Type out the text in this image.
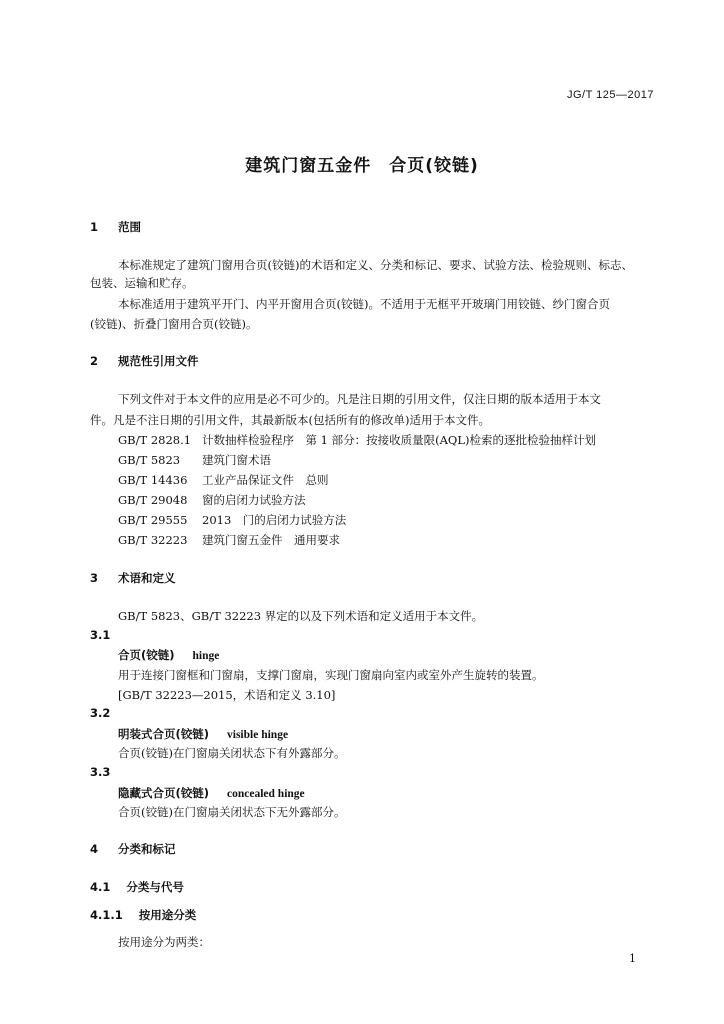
JG/T 125—2017
建筑门窗五金件　合页(铰链)
1 范围
本标准规定了建筑门窗用合页(铰链)的术语和定义、分类和标记、要求、试验方法、检验规则、标志、
包装、运输和贮存。
本标准适用于建筑平开门、内平开窗用合页(铰链)。不适用于无框平开玻璃门用铰链、纱门窗合页
(铰链)、折叠门窗用合页(铰链)。
2 规范性引用文件
下列文件对于本文件的应用是必不可少的。凡是注日期的引用文件，仅注日期的版本适用于本文
件。凡是不注日期的引用文件，其最新版本(包括所有的修改单)适用于本文件。
GB/T 2828.1 计数抽样检验程序　第 1 部分：按接收质量限(AQL)检索的逐批检验抽样计划
GB/T 5823 建筑门窗术语
GB/T 14436 工业产品保证文件　总则
GB/T 29048 窗的启闭力试验方法
GB/T 29555 2013　门的启闭力试验方法
GB/T 32223 建筑门窗五金件　通用要求
3 术语和定义
GB/T 5823、GB/T 32223 界定的以及下列术语和定义适用于本文件。
3.1
合页(铰链) hinge
用于连接门窗框和门窗扇，支撑门窗扇，实现门窗扇向室内或室外产生旋转的装置。
[GB/T 32223—2015，术语和定义 3.10]
3.2
明装式合页(铰链) visible hinge
合页(铰链)在门窗扇关闭状态下有外露部分。
3.3
隐藏式合页(铰链) concealed hinge
合页(铰链)在门窗扇关闭状态下无外露部分。
4 分类和标记
4.1 分类与代号
4.1.1 按用途分类
按用途分为两类：
1
